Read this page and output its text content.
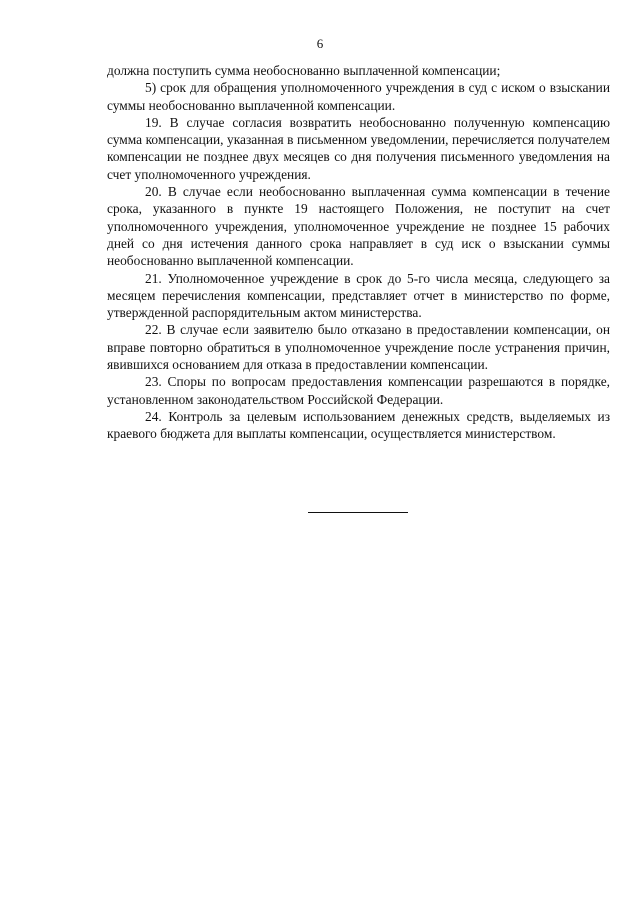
6

должна поступить сумма необоснованно выплаченной компенсации;

5) срок для обращения уполномоченного учреждения в суд с иском о взыскании суммы необоснованно выплаченной компенсации.

19. В случае согласия возвратить необоснованно полученную компенсацию сумма компенсации, указанная в письменном уведомлении, перечисляется получателем компенсации не позднее двух месяцев со дня получения письменного уведомления на счет уполномоченного учреждения.

20. В случае если необоснованно выплаченная сумма компенсации в течение срока, указанного в пункте 19 настоящего Положения, не поступит на счет уполномоченного учреждения, уполномоченное учреждение не позднее 15 рабочих дней со дня истечения данного срока направляет в суд иск о взыскании суммы необоснованно выплаченной компенсации.

21. Уполномоченное учреждение в срок до 5-го числа месяца, следующего за месяцем перечисления компенсации, представляет отчет в министерство по форме, утвержденной распорядительным актом министерства.

22. В случае если заявителю было отказано в предоставлении компенсации, он вправе повторно обратиться в уполномоченное учреждение после устранения причин, явившихся основанием для отказа в предоставлении компенсации.

23. Споры по вопросам предоставления компенсации разрешаются в порядке, установленном законодательством Российской Федерации.

24. Контроль за целевым использованием денежных средств, выделяемых из краевого бюджета для выплаты компенсации, осуществляется министерством.
